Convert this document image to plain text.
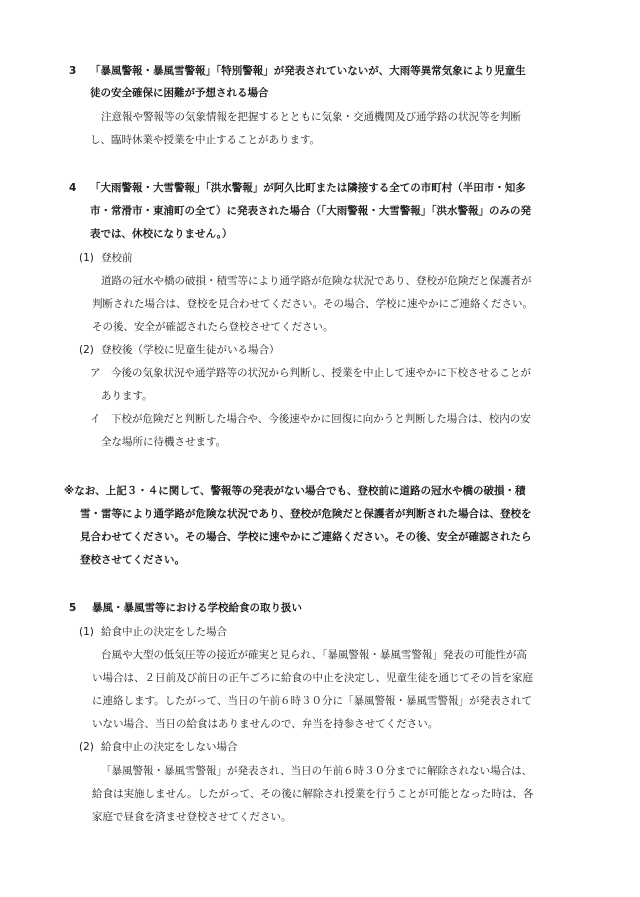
3 「暴風警報・暴風雪警報」「特別警報」が発表されていないが、大雨等異常気象により児童生
徒の安全確保に困難が予想される場合
注意報や警報等の気象情報を把握するとともに気象・交通機関及び通学路の状況等を判断
し、臨時休業や授業を中止することがあります。
4 「大雨警報・大雪警報」「洪水警報」が阿久比町または隣接する全ての市町村（半田市・知多
市・常滑市・東浦町の全て）に発表された場合（「大雨警報・大雪警報」「洪水警報」のみの発
表では、休校になりません。）
(1) 登校前
道路の冠水や橋の破損・積雪等により通学路が危険な状況であり、登校が危険だと保護者が
判断された場合は、登校を見合わせてください。その場合、学校に速やかにご連絡ください。
その後、安全が確認されたら登校させてください。
(2) 登校後（学校に児童生徒がいる場合）
ア 今後の気象状況や通学路等の状況から判断し、授業を中止して速やかに下校させることが
あります。
イ 下校が危険だと判断した場合や、今後速やかに回復に向かうと判断した場合は、校内の安
全な場所に待機させます。
※なお、上記３・４に関して、警報等の発表がない場合でも、登校前に道路の冠水や橋の破損・積
雪・雷等により通学路が危険な状況であり、登校が危険だと保護者が判断された場合は、登校を
見合わせてください。その場合、学校に速やかにご連絡ください。その後、安全が確認されたら
登校させてください。
5 暴風・暴風雪等における学校給食の取り扱い
(1) 給食中止の決定をした場合
台風や大型の低気圧等の接近が確実と見られ、「暴風警報・暴風雪警報」発表の可能性が高
い場合は、２日前及び前日の正午ごろに給食の中止を決定し、児童生徒を通じてその旨を家庭
に連絡します。したがって、当日の午前６時３０分に「暴風警報・暴風雪警報」が発表されて
いない場合、当日の給食はありませんので、弁当を持参させてください。
(2) 給食中止の決定をしない場合
「暴風警報・暴風雪警報」が発表され、当日の午前６時３０分までに解除されない場合は、
給食は実施しません。したがって、その後に解除され授業を行うことが可能となった時は、各
家庭で昼食を済ませ登校させてください。
